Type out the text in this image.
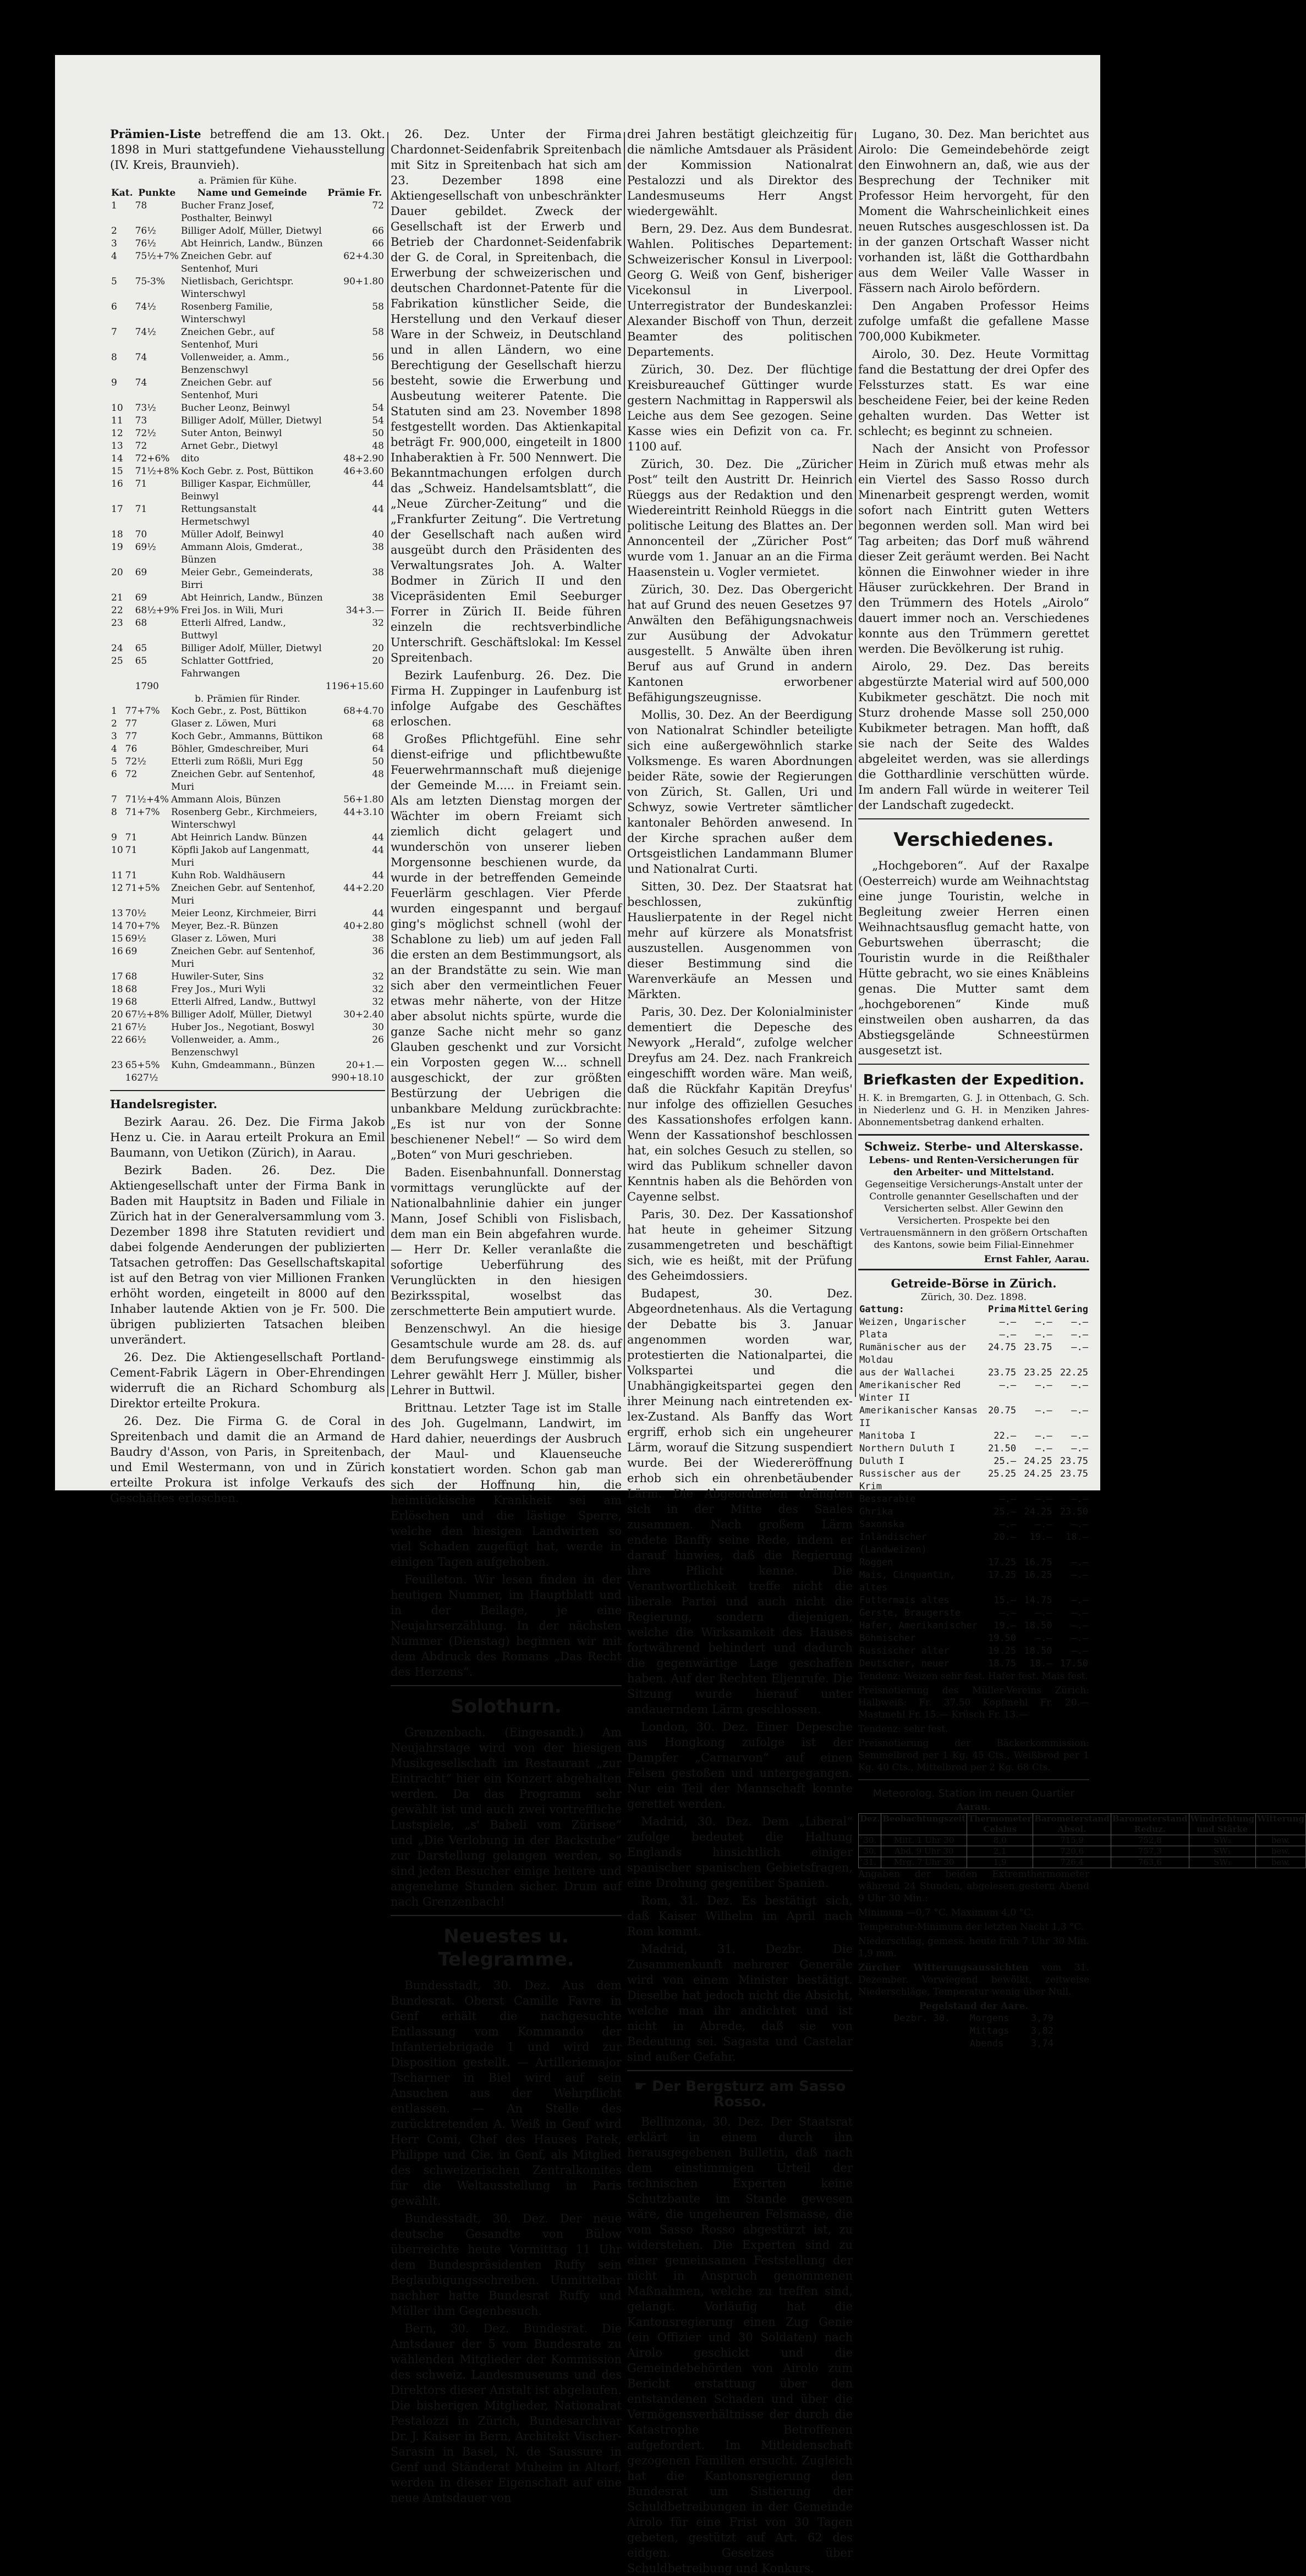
Prämien-Liste betreffend die am 13. Okt. 1898 in Muri stattgefundene Viehausstellung (IV. Kreis, Braunvieh).

a. Prämien für Kühe.
Kat.	Punkte	Name und Gemeinde	Prämie Fr.
1	78	Bucher Franz Josef, Posthalter, Beinwyl	72
2	76½	Billiger Adolf, Müller, Dietwyl	66
3	76½	Abt Heinrich, Landw., Bünzen	66
4	75½+7%	Zneichen Gebr. auf Sentenhof, Muri	62+4.30
5	75-3%	Nietlisbach, Gerichtspr. Winterschwyl	90+1.80
6	74½	Rosenberg Familie, Winterschwyl	58
7	74½	Zneichen Gebr., auf Sentenhof, Muri	58
8	74	Vollenweider, a. Amm., Benzenschwyl	56
9	74	Zneichen Gebr. auf Sentenhof, Muri	56
10	73½	Bucher Leonz, Beinwyl	54
11	73	Billiger Adolf, Müller, Dietwyl	54
12	72½	Suter Anton, Beinwyl	50
13	72	Arnet Gebr., Dietwyl	48
14	72+6%	dito	48+2.90
15	71½+8%	Koch Gebr. z. Post, Büttikon	46+3.60
16	71	Billiger Kaspar, Eichmüller, Beinwyl	44
17	71	Rettungsanstalt Hermetschwyl	44
18	70	Müller Adolf, Beinwyl	40
19	69½	Ammann Alois, Gmderat., Bünzen	38
20	69	Meier Gebr., Gemeinderats, Birri	38
21	69	Abt Heinrich, Landw., Bünzen	38
22	68½+9%	Frei Jos. in Wili, Muri	34+3.—
23	68	Etterli Alfred, Landw., Buttwyl	32
24	65	Billiger Adolf, Müller, Dietwyl	20
25	65	Schlatter Gottfried, Fahrwangen	20
	1790		1196+15.60
b. Prämien für Rinder.
1	77+7%	Koch Gebr., z. Post, Büttikon	68+4.70
2	77	Glaser z. Löwen, Muri	68
3	77	Koch Gebr., Ammanns, Büttikon	68
4	76	Böhler, Gmdeschreiber, Muri	64
5	72½	Etterli zum Rößli, Muri Egg	50
6	72	Zneichen Gebr. auf Sentenhof, Muri	48
7	71½+4%	Ammann Alois, Bünzen	56+1.80
8	71+7%	Rosenberg Gebr., Kirchmeiers, Winterschwyl	44+3.10
9	71	Abt Heinrich Landw. Bünzen	44
10	71	Köpfli Jakob auf Langenmatt, Muri	44
11	71	Kuhn Rob. Waldhäusern	44
12	71+5%	Zneichen Gebr. auf Sentenhof, Muri	44+2.20
13	70½	Meier Leonz, Kirchmeier, Birri	44
14	70+7%	Meyer, Bez.-R. Bünzen	40+2.80
15	69½	Glaser z. Löwen, Muri	38
16	69	Zneichen Gebr. auf Sentenhof, Muri	36
17	68	Huwiler-Suter, Sins	32
18	68	Frey Jos., Muri Wyli	32
19	68	Etterli Alfred, Landw., Buttwyl	32
20	67½+8%	Billiger Adolf, Müller, Dietwyl	30+2.40
21	67½	Huber Jos., Negotiant, Boswyl	30
22	66½	Vollenweider, a. Amm., Benzenschwyl	26
23	65+5%	Kuhn, Gmdeammann., Bünzen	20+1.—
	1627½		990+18.10

Handelsregister.

Bezirk Aarau. 26. Dez. Die Firma Jakob Henz u. Cie. in Aarau erteilt Prokura an Emil Baumann, von Uetikon (Zürich), in Aarau.

Bezirk Baden. 26. Dez. Die Aktiengesellschaft unter der Firma Bank in Baden mit Hauptsitz in Baden und Filiale in Zürich hat in der Generalversammlung vom 3. Dezember 1898 ihre Statuten revidiert und dabei folgende Aenderungen der publizierten Tatsachen getroffen: Das Gesellschaftskapital ist auf den Betrag von vier Millionen Franken erhöht worden, eingeteilt in 8000 auf den Inhaber lautende Aktien von je Fr. 500. Die übrigen publizierten Tatsachen bleiben unverändert.

26. Dez. Die Aktiengesellschaft Portland-Cement-Fabrik Lägern in Ober-Ehrendingen widerruft die an Richard Schomburg als Direktor erteilte Prokura.

26. Dez. Die Firma G. de Coral in Spreitenbach und damit die an Armand de Baudry d'Asson, von Paris, in Spreitenbach, und Emil Westermann, von und in Zürich erteilte Prokura ist infolge Verkaufs des Geschäftes erloschen.

26. Dez. Unter der Firma Chardonnet-Seidenfabrik Spreitenbach mit Sitz in Spreitenbach hat sich am 23. Dezember 1898 eine Aktiengesellschaft von unbeschränkter Dauer gebildet. Zweck der Gesellschaft ist der Erwerb und Betrieb der Chardonnet-Seidenfabrik der G. de Coral, in Spreitenbach, die Erwerbung der schweizerischen und deutschen Chardonnet-Patente für die Fabrikation künstlicher Seide, die Herstellung und den Verkauf dieser Ware in der Schweiz, in Deutschland und in allen Ländern, wo eine Berechtigung der Gesellschaft hierzu besteht, sowie die Erwerbung und Ausbeutung weiterer Patente. Die Statuten sind am 23. November 1898 festgestellt worden. Das Aktienkapital beträgt Fr. 900,000, eingeteilt in 1800 Inhaberaktien à Fr. 500 Nennwert. Die Bekanntmachungen erfolgen durch das „Schweiz. Handelsamtsblatt“, die „Neue Zürcher-Zeitung“ und die „Frankfurter Zeitung“. Die Vertretung der Gesellschaft nach außen wird ausgeübt durch den Präsidenten des Verwaltungsrates Joh. A. Walter Bodmer in Zürich II und den Vicepräsidenten Emil Seeburger Forrer in Zürich II. Beide führen einzeln die rechtsverbindliche Unterschrift. Geschäftslokal: Im Kessel Spreitenbach.

Bezirk Laufenburg. 26. Dez. Die Firma H. Zuppinger in Laufenburg ist infolge Aufgabe des Geschäftes erloschen.

Großes Pflichtgefühl. Eine sehr dienst-eifrige und pflichtbewußte Feuerwehrmannschaft muß diejenige der Gemeinde M..... in Freiamt sein. Als am letzten Dienstag morgen der Wächter im obern Freiamt sich ziemlich dicht gelagert und wunderschön von unserer lieben Morgensonne beschienen wurde, da wurde in der betreffenden Gemeinde Feuerlärm geschlagen. Vier Pferde wurden eingespannt und bergauf ging's möglichst schnell (wohl der Schablone zu lieb) um auf jeden Fall die ersten an dem Bestimmungsort, als an der Brandstätte zu sein. Wie man sich aber den vermeintlichen Feuer etwas mehr näherte, von der Hitze aber absolut nichts spürte, wurde die ganze Sache nicht mehr so ganz Glauben geschenkt und zur Vorsicht ein Vorposten gegen W.... schnell ausgeschickt, der zur größten Bestürzung der Uebrigen die unbankbare Meldung zurückbrachte: „Es ist nur von der Sonne beschienener Nebel!“ — So wird dem „Boten“ von Muri geschrieben.

Baden. Eisenbahnunfall. Donnerstag vormittags verunglückte auf der Nationalbahnlinie dahier ein junger Mann, Josef Schibli von Fislisbach, dem man ein Bein abgefahren wurde. — Herr Dr. Keller veranlaßte die sofortige Ueberführung des Verunglückten in den hiesigen Bezirksspital, woselbst das zerschmetterte Bein amputiert wurde.

Benzenschwyl. An die hiesige Gesamtschule wurde am 28. ds. auf dem Berufungswege einstimmig als Lehrer gewählt Herr J. Müller, bisher Lehrer in Buttwil.

Brittnau. Letzter Tage ist im Stalle des Joh. Gugelmann, Landwirt, im Hard dahier, neuerdings der Ausbruch der Maul- und Klauenseuche konstatiert worden. Schon gab man sich der Hoffnung hin, die heimtückische Krankheit sei am Erlöschen und die lästige Sperre, welche den hiesigen Landwirten so viel Schaden zugefügt hat, werde in einigen Tagen aufgehoben.

Feuilleton. Wir lesen finden in der heutigen Nummer, im Hauptblatt und in der Beilage, je eine Neujahrserzählung. In der nächsten Nummer (Dienstag) beginnen wir mit dem Abdruck des Romans „Das Recht des Herzens“.

Solothurn.

Grenzenbach. (Eingesandt.) Am Neujahrstage wird von der hiesigen Musikgesellschaft im Restaurant „zur Eintracht“ hier ein Konzert abgehalten werden. Da das Programm sehr gewählt ist und auch zwei vortreffliche Lustspiele, „s' Babeli vom Zürisee“ und „Die Verlobung in der Backstube“ zur Darstellung gelangen werden, so sind jeden Besucher einige heitere und angenehme Stunden sicher. Drum auf nach Grenzenbach!

Neuestes u. Telegramme.

Bundesstadt, 30. Dez. Aus dem Bundesrat. Oberst Camille Favre in Genf erhält die nachgesuchte Entlassung vom Kommando der Infanteriebrigade 1 und wird zur Disposition gestellt. — Artilleriemajor Tscharner in Biel wird auf sein Ansuchen aus der Wehrpflicht entlassen. — An Stelle des zurücktretenden A. Weiß in Genf wird Herr Comi, Chef des Hauses Patek, Philippe und Cie. in Genf, als Mitglied des schweizerischen Zentralkomites für die Weltausstellung in Paris gewählt.

Bundesstadt, 30. Dez. Der neue deutsche Gesandte von Bülow überreichte heute Vormittag 11 Uhr dem Bundespräsidenten Ruffy sein Beglaubigungsschreiben. Unmittelbar nachher hatte Bundesrat Ruffy und Müller ihm Gegenbesuch.

Bern, 30. Dez. Bundesrat. Die Amtsdauer der 5 vom Bundesrate zu wählenden Mitglieder der Kommission des schweiz. Landesmuseums und des Direktors dieser Anstalt ist abgelaufen. Die bisherigen Mitglieder, Nationalrat Pestalozzi in Zürich, Bundesarchivar Dr. J. Kaiser in Bern, Architekt Vischer-Sarasin in Basel, N. de Saussure in Genf und Ständerat Muheim in Altorf, werden in dieser Eigenschaft auf eine neue Amtsdauer von

drei Jahren bestätigt gleichzeitig für die nämliche Amtsdauer als Präsident der Kommission Nationalrat Pestalozzi und als Direktor des Landesmuseums Herr Angst wiedergewählt.

Bern, 29. Dez. Aus dem Bundesrat. Wahlen. Politisches Departement: Schweizerischer Konsul in Liverpool: Georg G. Weiß von Genf, bisheriger Vicekonsul in Liverpool. Unterregistrator der Bundeskanzlei: Alexander Bischoff von Thun, derzeit Beamter des politischen Departements.

Zürich, 30. Dez. Der flüchtige Kreisbureauchef Güttinger wurde gestern Nachmittag in Rapperswil als Leiche aus dem See gezogen. Seine Kasse wies ein Defizit von ca. Fr. 1100 auf.

Zürich, 30. Dez. Die „Züricher Post“ teilt den Austritt Dr. Heinrich Rüeggs aus der Redaktion und den Wiedereintritt Reinhold Rüeggs in die politische Leitung des Blattes an. Der Annoncenteil der „Züricher Post“ wurde vom 1. Januar an an die Firma Haasenstein u. Vogler vermietet.

Zürich, 30. Dez. Das Obergericht hat auf Grund des neuen Gesetzes 97 Anwälten den Befähigungsnachweis zur Ausübung der Advokatur ausgestellt. 5 Anwälte üben ihren Beruf aus auf Grund in andern Kantonen erworbener Befähigungszeugnisse.

Mollis, 30. Dez. An der Beerdigung von Nationalrat Schindler beteiligte sich eine außergewöhnlich starke Volksmenge. Es waren Abordnungen beider Räte, sowie der Regierungen von Zürich, St. Gallen, Uri und Schwyz, sowie Vertreter sämtlicher kantonaler Behörden anwesend. In der Kirche sprachen außer dem Ortsgeistlichen Landammann Blumer und Nationalrat Curti.

Sitten, 30. Dez. Der Staatsrat hat beschlossen, zukünftig Hauslierpatente in der Regel nicht mehr auf kürzere als Monatsfrist auszustellen. Ausgenommen von dieser Bestimmung sind die Warenverkäufe an Messen und Märkten.

Paris, 30. Dez. Der Kolonialminister dementiert die Depesche des Newyork „Herald“, zufolge welcher Dreyfus am 24. Dez. nach Frankreich eingeschifft worden wäre. Man weiß, daß die Rückfahr Kapitän Dreyfus' nur infolge des offiziellen Gesuches des Kassationshofes erfolgen kann. Wenn der Kassationshof beschlossen hat, ein solches Gesuch zu stellen, so wird das Publikum schneller davon Kenntnis haben als die Behörden von Cayenne selbst.

Paris, 30. Dez. Der Kassationshof hat heute in geheimer Sitzung zusammengetreten und beschäftigt sich, wie es heißt, mit der Prüfung des Geheimdossiers.

Budapest, 30. Dez. Abgeordnetenhaus. Als die Vertagung der Debatte bis 3. Januar angenommen worden war, protestierten die Nationalpartei, die Volkspartei und die Unabhängigkeitspartei gegen den ihrer Meinung nach eintretenden ex-lex-Zustand. Als Banffy das Wort ergriff, erhob sich ein ungeheurer Lärm, worauf die Sitzung suspendiert wurde. Bei der Wiedereröffnung erhob sich ein ohrenbetäubender Lärm. Die Abgeordneten drängten sich in der Mitte des Saales zusammen. Nach großem Lärm endete Banffy seine Rede, indem er darauf hinwies, daß die Regierung ihre Pflicht kenne. Die Verantwortlichkeit treffe nicht die liberale Partei und auch nicht die Regierung, sondern diejenigen, welche die Wirksamkeit des Hauses fortwährend behindert und dadurch die gegenwärtige Lage geschaffen haben. Auf der Rechten Eljenrufe. Die Sitzung wurde hierauf unter andauerndem Lärm geschlossen.

London, 30. Dez. Einer Depesche aus Hongkong zufolge ist der Dampfer „Carnarvon“ auf einen Felsen gestoßen und untergegangen. Nur ein Teil der Mannschaft konnte gerettet werden.

Madrid, 30. Dez. Dem „Liberal“ zufolge bedeutet die Haltung Englands hinsichtlich einiger spanischer spanischen Gebietsfragen, eine Drohung gegenüber Spanien.

Rom, 31. Dez. Es bestätigt sich, daß Kaiser Wilhelm im April nach Rom kommt.

Madrid, 31. Dezbr. Die Zusammenkunft mehrerer Generäle wird von einem Minister bestätigt. Dieselbe hat jedoch nicht die Absicht, welche man ihr andichtet und ist nicht in Abrede, daß sie von Bedeutung sei. Sagasta und Castelar sind außer Gefahr.

☛ Der Bergsturz am Sasso Rosso.

Bellinzona, 30. Dez. Der Staatsrat erklärt in einem durch ihn herausgegebenen Bulletin, daß nach dem einstimmigen Urteil der technischen Experten keine Schutzbaute im Stande gewesen wäre, die ungeheuren Felsmasse, die vom Sasso Rosso abgestürzt ist, zu widerstehen. Die Experten sind zu einer gemeinsamen Feststellung der nicht in Anspruch genommenen Maßnahmen, welche zu treffen sind, gelangt. Vorläufig hat die Kantonsregierung einen Zug Genie (ein Offizier und 30 Soldaten) nach Airolo geschickt und die Gemeindebehörden von Airolo zum Bericht erstattung über den entstandenen Schaden und über die Vermögensverhältnisse der durch die Katastrophe Betroffenen aufgefordert. Im Mitleidenschaft gezogenen Familien ersucht. Zugleich hat die Kantonsregierung den Bundesrat um Sistierung der Schuldbetreibungen in der Gemeinde Airolo für eine Frist von 30 Tagen gebeten, gestützt auf Art. 62 des eidgen. Gesetzes über Schuldbetreibung und Konkurs.

Lugano, 30. Dez. Man berichtet aus Airolo: Die Gemeindebehörde zeigt den Einwohnern an, daß, wie aus der Besprechung der Techniker mit Professor Heim hervorgeht, für den Moment die Wahrscheinlichkeit eines neuen Rutsches ausgeschlossen ist. Da in der ganzen Ortschaft Wasser nicht vorhanden ist, läßt die Gotthardbahn aus dem Weiler Valle Wasser in Fässern nach Airolo befördern.

Den Angaben Professor Heims zufolge umfaßt die gefallene Masse 700,000 Kubikmeter.

Airolo, 30. Dez. Heute Vormittag fand die Bestattung der drei Opfer des Felssturzes statt. Es war eine bescheidene Feier, bei der keine Reden gehalten wurden. Das Wetter ist schlecht; es beginnt zu schneien.

Nach der Ansicht von Professor Heim in Zürich muß etwas mehr als ein Viertel des Sasso Rosso durch Minenarbeit gesprengt werden, womit sofort nach Eintritt guten Wetters begonnen werden soll. Man wird bei Tag arbeiten; das Dorf muß während dieser Zeit geräumt werden. Bei Nacht können die Einwohner wieder in ihre Häuser zurückkehren. Der Brand in den Trümmern des Hotels „Airolo“ dauert immer noch an. Verschiedenes konnte aus den Trümmern gerettet werden. Die Bevölkerung ist ruhig.

Airolo, 29. Dez. Das bereits abgestürzte Material wird auf 500,000 Kubikmeter geschätzt. Die noch mit Sturz drohende Masse soll 250,000 Kubikmeter betragen. Man hofft, daß sie nach der Seite des Waldes abgeleitet werden, was sie allerdings die Gotthardlinie verschütten würde. Im andern Fall würde in weiterer Teil der Landschaft zugedeckt.

Verschiedenes.

„Hochgeboren“. Auf der Raxalpe (Oesterreich) wurde am Weihnachtstag eine junge Touristin, welche in Begleitung zweier Herren einen Weihnachtsausflug gemacht hatte, von Geburtswehen überrascht; die Touristin wurde in die Reißthaler Hütte gebracht, wo sie eines Knäbleins genas. Die Mutter samt dem „hochgeborenen“ Kinde muß einstweilen oben ausharren, da das Abstiegsgelände Schneestürmen ausgesetzt ist.

Briefkasten der Expedition.

H. K. in Bremgarten, G. J. in Ottenbach, G. Sch. in Niederlenz und G. H. in Menziken Jahres-Abonnementsbetrag dankend erhalten.

Schweiz. Sterbe- und Alterskasse.
Lebens- und Renten-Versicherungen für den Arbeiter- und Mittelstand.

Gegenseitige Versicherungs-Anstalt unter der Controlle genannter Gesellschaften und der Versicherten selbst. Aller Gewinn den Versicherten. Prospekte bei den Vertrauensmännern in den größern Ortschaften des Kantons, sowie beim Filial-Einnehmer

Ernst Fahler, Aarau.
Getreide-Börse in Zürich.
Zürich, 30. Dez. 1898.
Gattung:	Prima	Mittel	Gering
Weizen, Ungarischer	—.—	—.—	—.—
Plata	—.—	—.—	—.—
Rumänischer aus der Moldau	24.75	23.75	—.—
aus der Wallachei	23.75	23.25	22.25
Amerikanischer Red Winter II	—.—	—.—	—.—
Amerikanischer Kansas II	20.75	—.—	—.—
Manitoba I	22.—	—.—	—.—
Northern Duluth I	21.50	—.—	—.—
Duluth I	25.—	24.25	23.75
Russischer aus der Krim	25.25	24.25	23.75
Bessarabie	—.—	—.—	—.—
Ghrika	25.—	24.25	23.50
Saxonska	—.—	—.—	—.—
Inländischer (Landweizen)	20.—	19.—	18.—
Roggen	17.25	16.75	—.—
Mais, Cinquantin, altes	17.25	16.25	—.—
Futtermais altes	15.—	14.75	—.—
Gerste, Braugerste	—.—	—.—	—.—
Hafer, Amerikanischer	19.—	18.50	—.—
Böhmischer	19.50	—.—	—.—
Russischer alter	19.25	18.50	—.—
Deutscher, neuer	18.75	18.—	17.50

Tendenz: Weizen sehr fest. Hafer fest. Mais fest.

Preisnotierung des Müller-Vereins Zürich: Halbweiß: Fr. 37.50 Kopfmehl Fr. 20.— Mastmehl Fr. 15.— Krüsch Fr. 13.—

Tendenz: sehr fest.

Preisnotierung der Bäckerkommission: Semmelbrod per 1 Kg. 45 Cts., Weißbrod per 1 Kg. 40 Cts., Mittelbrod per 2 Kg. 68 Cts.

Meteorolog. Station im neuen Quartier
Aarau.
Dez.	Beobachtungszeit	Thermometer Celsius	Barometerstand Absol.	Barometerstand Reduz.	Windrichtung und Stärke	Witterung
30.	Mitt. 1 Uhr 30	8,0	715,9	752,8	SW₂	bew.
30.	Abd. 9 Uhr 30	2,1	720,6	757,3	SW₁	bew.
31.	Mrg. 7 Uhr 30	1,9	726,4	763,6	SW₁	bew.

Angaben der beiden Extremthermometer während 24 Stunden, abgelesen gestern Abend 9 Uhr 30 Min.:

Minimum —0,7 °C. Maximum 4,0 °C.

Temperatur-Minimum der letzten Nacht 1,3 °C.

Niederschlag, gemess. heute früh 7 Uhr 30 Min. 1,9 mm.

Zürcher Witterungsaussichten vom 31. Dezember. Vorwiegend bewölkt, zeitweise Niederschläge, Temperatur wenig über Null.

Pegelstand der Aare.
Dezbr. 30.	Morgens	3,79
	Mittags	3,82
	Abends	3,74
